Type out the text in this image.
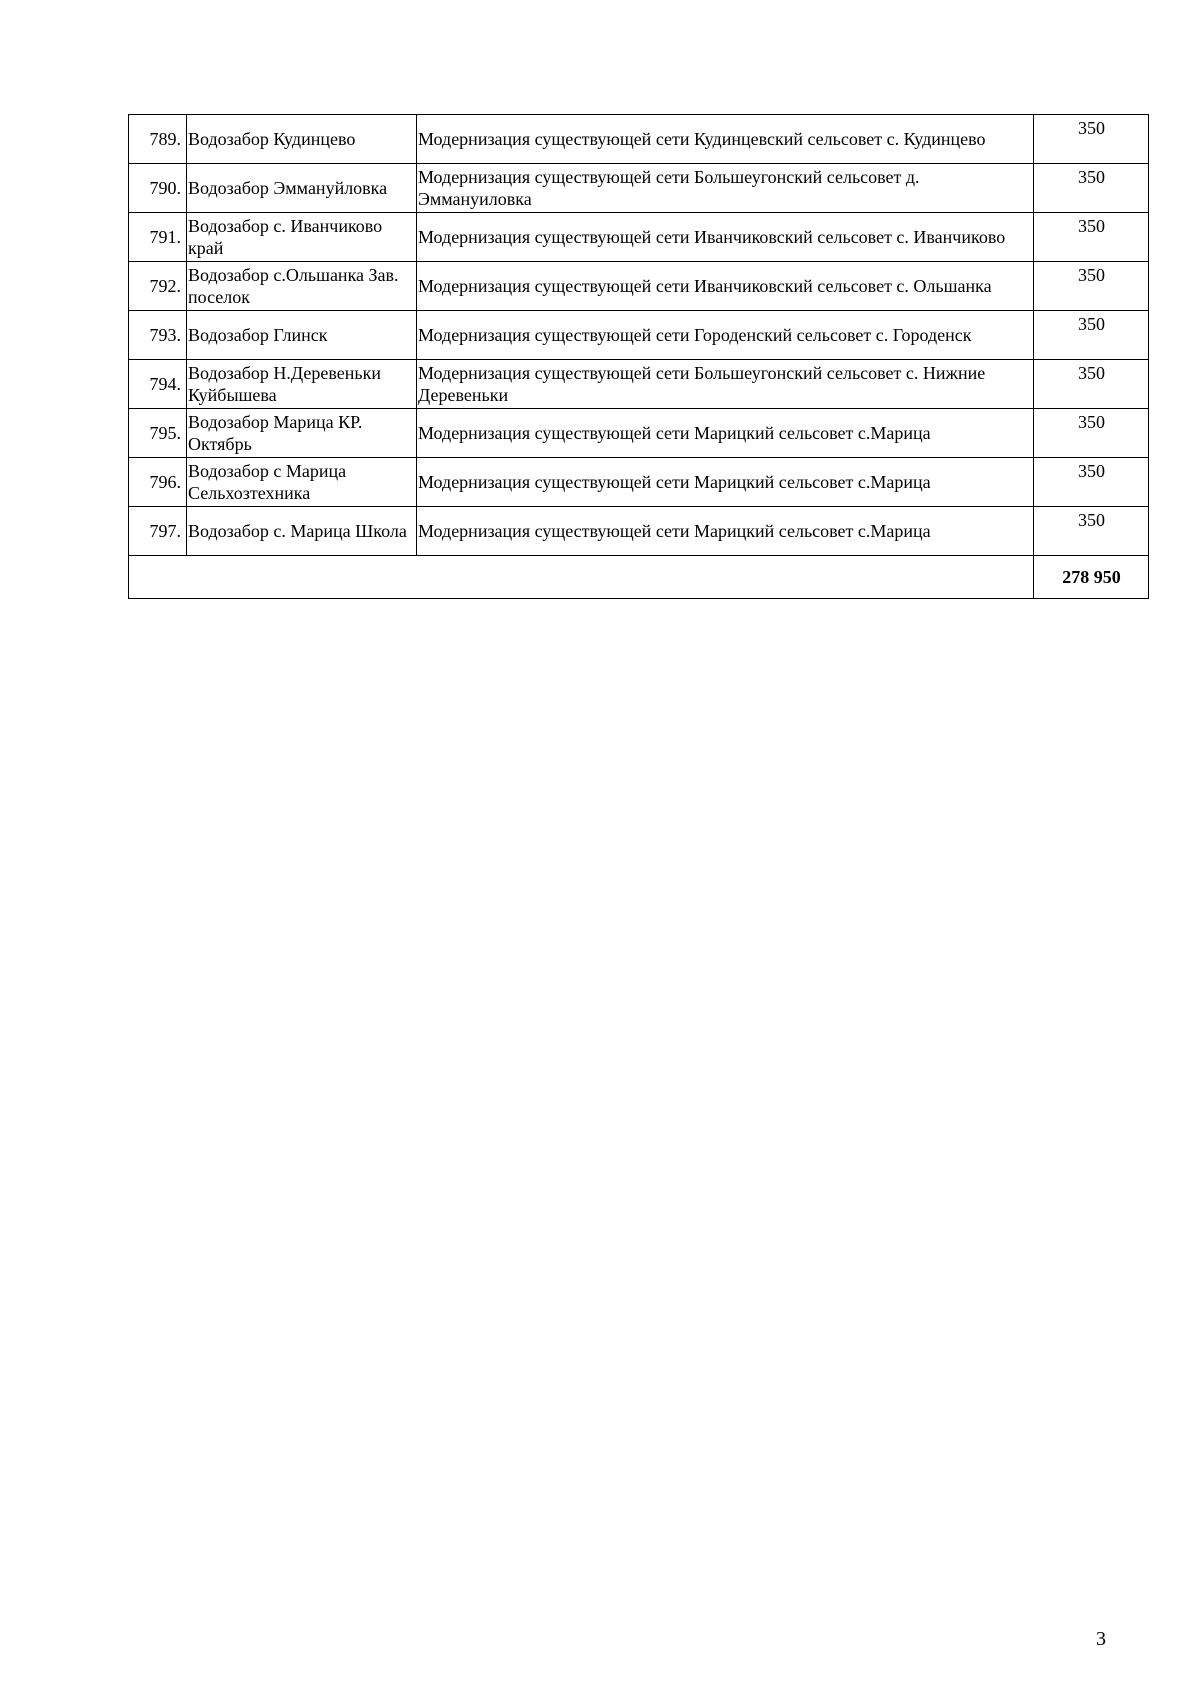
789.	Водозабор Кудинцево	Модернизация существующей сети Кудинцевский сельсовет с. Кудинцево	350
790.	Водозабор Эммануйловка	Модернизация существующей сети Большеугонский сельсовет д. Эммануиловка	350
791.	Водозабор с. Иванчиково край	Модернизация существующей сети Иванчиковский сельсовет с. Иванчиково	350
792.	Водозабор с.Ольшанка Зав. поселок	Модернизация существующей сети Иванчиковский сельсовет с. Ольшанка	350
793.	Водозабор Глинск	Модернизация существующей сети Городенский сельсовет с. Городенск	350
794.	Водозабор Н.Деревеньки Куйбышева	Модернизация существующей сети Большеугонский сельсовет с. Нижние Деревеньки	350
795.	Водозабор Марица КР. Октябрь	Модернизация существующей сети Марицкий сельсовет с.Марица	350
796.	Водозабор с Марица Сельхозтехника	Модернизация существующей сети Марицкий сельсовет с.Марица	350
797.	Водозабор с. Марица Школа	Модернизация существующей сети Марицкий сельсовет с.Марица	350
			278 950
3
